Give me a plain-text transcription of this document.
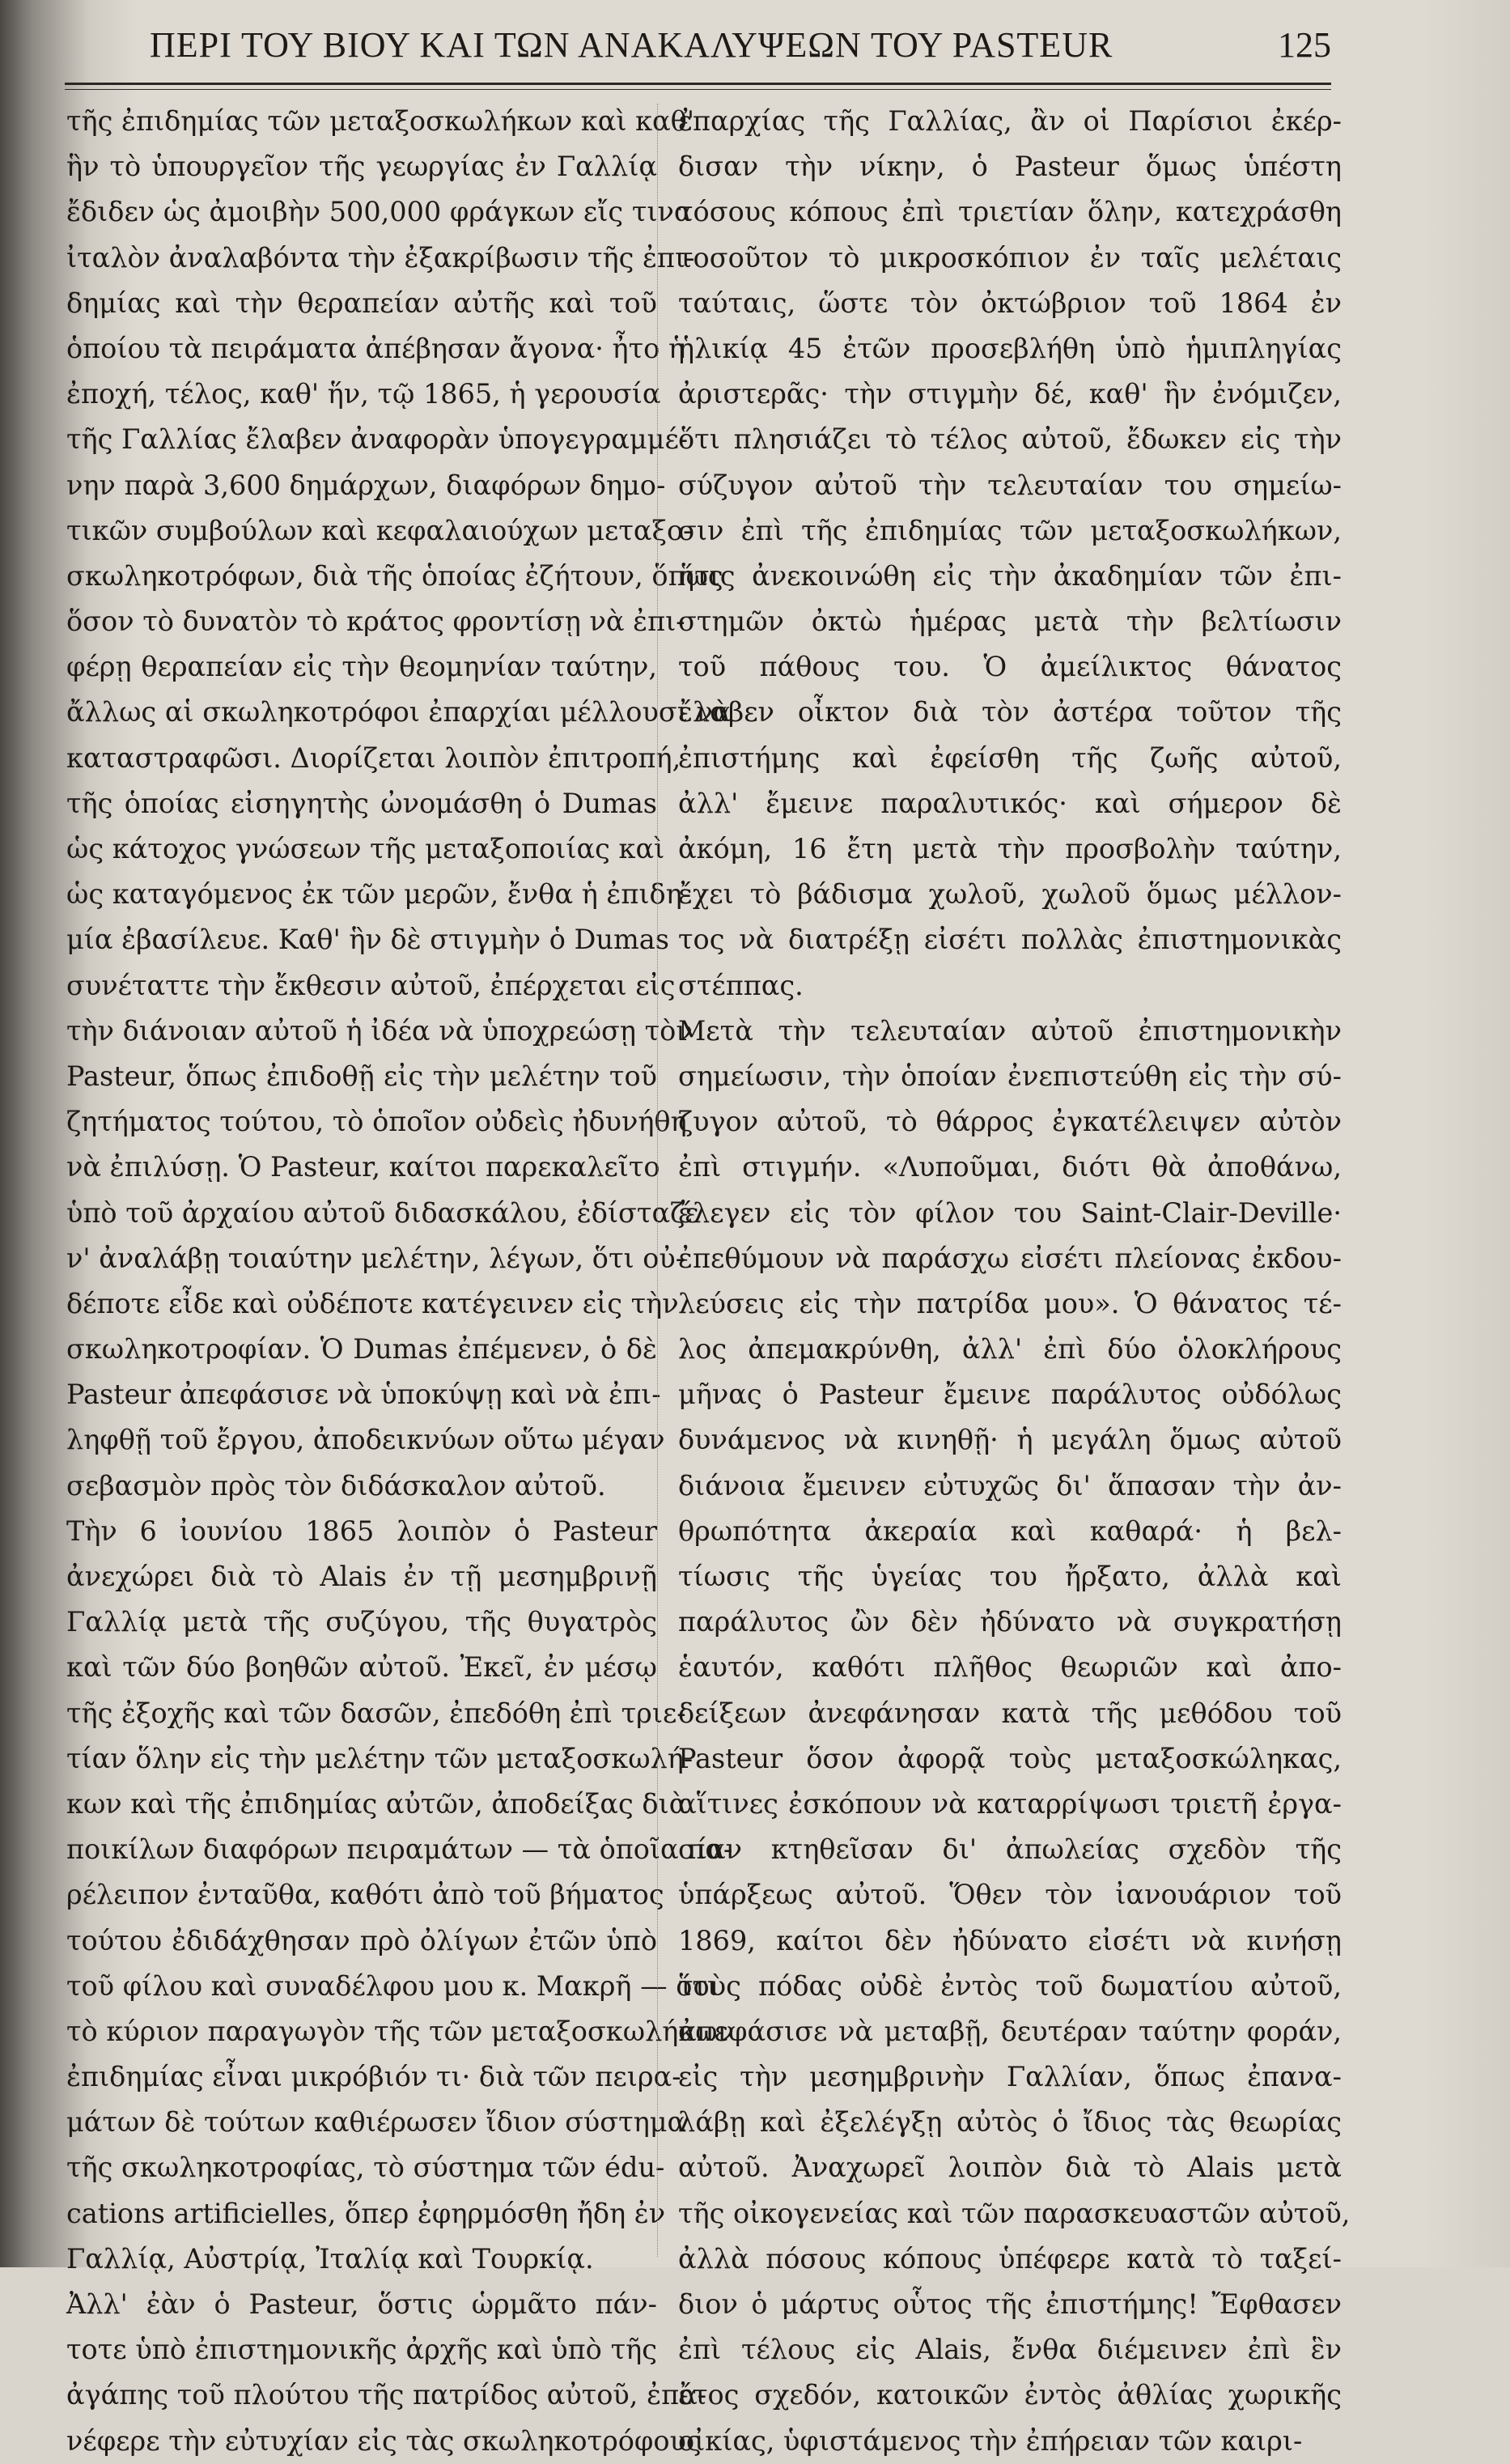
ΠΕΡΙ ΤΟΥ ΒΙΟΥ ΚΑΙ ΤΩΝ ΑΝΑΚΑΛΥΨΕΩΝ ΤΟΥ PASTEUR	125
τῆς ἐπιδημίας τῶν μεταξοσκωλήκων καὶ καθ'
ἣν τὸ ὑπουργεῖον τῆς γεωργίας ἐν Γαλλίᾳ
ἔδιδεν ὡς ἀμοιβὴν 500,000 φράγκων εἴς τινα
ἰταλὸν ἀναλαβόντα τὴν ἐξακρίβωσιν τῆς ἐπι-
δημίας καὶ τὴν θεραπείαν αὐτῆς καὶ τοῦ
ὁποίου τὰ πειράματα ἀπέβησαν ἄγονα· ἦτο ἡ
ἐποχή, τέλος, καθ' ἥν, τῷ 1865, ἡ γερουσία
τῆς Γαλλίας ἔλαβεν ἀναφορὰν ὑπογεγραμμέ-
νην παρὰ 3,600 δημάρχων, διαφόρων δημο-
τικῶν συμβούλων καὶ κεφαλαιούχων μεταξο-
σκωληκοτρόφων, διὰ τῆς ὁποίας ἐζήτουν, ὅπως
ὅσον τὸ δυνατὸν τὸ κράτος φροντίσῃ νὰ ἐπι-
φέρῃ θεραπείαν εἰς τὴν θεομηνίαν ταύτην,
ἄλλως αἱ σκωληκοτρόφοι ἐπαρχίαι μέλλουσι νὰ
καταστραφῶσι. Διορίζεται λοιπὸν ἐπιτροπή,
τῆς ὁποίας εἰσηγητὴς ὠνομάσθη ὁ Dumas
ὡς κάτοχος γνώσεων τῆς μεταξοποιίας καὶ
ὡς καταγόμενος ἐκ τῶν μερῶν, ἔνθα ἡ ἐπιδη-
μία ἐβασίλευε. Καθ' ἣν δὲ στιγμὴν ὁ Dumas
συνέταττε τὴν ἔκθεσιν αὐτοῦ, ἐπέρχεται εἰς
τὴν διάνοιαν αὐτοῦ ἡ ἰδέα νὰ ὑποχρεώσῃ τὸν
Pasteur, ὅπως ἐπιδοθῇ εἰς τὴν μελέτην τοῦ
ζητήματος τούτου, τὸ ὁποῖον οὐδεὶς ἠδυνήθη
νὰ ἐπιλύσῃ. Ὁ Pasteur, καίτοι παρεκαλεῖτο
ὑπὸ τοῦ ἀρχαίου αὐτοῦ διδασκάλου, ἐδίσταζε
ν' ἀναλάβῃ τοιαύτην μελέτην, λέγων, ὅτι οὐ-
δέποτε εἶδε καὶ οὐδέποτε κατέγεινεν εἰς τὴν
σκωληκοτροφίαν. Ὁ Dumas ἐπέμενεν, ὁ δὲ
Pasteur ἀπεφάσισε νὰ ὑποκύψῃ καὶ νὰ ἐπι-
ληφθῇ τοῦ ἔργου, ἀποδεικνύων οὕτω μέγαν
σεβασμὸν πρὸς τὸν διδάσκαλον αὐτοῦ.
Τὴν 6 ἰουνίου 1865 λοιπὸν ὁ Pasteur
ἀνεχώρει διὰ τὸ Alais ἐν τῇ μεσημβρινῇ
Γαλλίᾳ μετὰ τῆς συζύγου, τῆς θυγατρὸς
καὶ τῶν δύο βοηθῶν αὐτοῦ. Ἐκεῖ, ἐν μέσῳ
τῆς ἐξοχῆς καὶ τῶν δασῶν, ἐπεδόθη ἐπὶ τριε-
τίαν ὅλην εἰς τὴν μελέτην τῶν μεταξοσκωλή-
κων καὶ τῆς ἐπιδημίας αὐτῶν, ἀποδείξας διὰ
ποικίλων διαφόρων πειραμάτων — τὰ ὁποῖα πα-
ρέλειπον ἐνταῦθα, καθότι ἀπὸ τοῦ βήματος
τούτου ἐδιδάχθησαν πρὸ ὀλίγων ἐτῶν ὑπὸ
τοῦ φίλου καὶ συναδέλφου μου κ. Μακρῆ — ὅτι
τὸ κύριον παραγωγὸν τῆς τῶν μεταξοσκωλήκων
ἐπιδημίας εἶναι μικρόβιόν τι· διὰ τῶν πειρα-
μάτων δὲ τούτων καθιέρωσεν ἴδιον σύστημα
τῆς σκωληκοτροφίας, τὸ σύστημα τῶν édu-
cations artificielles, ὅπερ ἐφηρμόσθη ἤδη ἐν
Γαλλίᾳ, Αὐστρίᾳ, Ἰταλίᾳ καὶ Τουρκίᾳ.
Ἀλλ' ἐὰν ὁ Pasteur, ὅστις ὡρμᾶτο πάν-
τοτε ὑπὸ ἐπιστημονικῆς ἀρχῆς καὶ ὑπὸ τῆς
ἀγάπης τοῦ πλούτου τῆς πατρίδος αὐτοῦ, ἐπα-
νέφερε τὴν εὐτυχίαν εἰς τὰς σκωληκοτρόφους
ἐπαρχίας τῆς Γαλλίας, ἂν οἱ Παρίσιοι ἐκέρ-
δισαν τὴν νίκην, ὁ Pasteur ὅμως ὑπέστη
τόσους κόπους ἐπὶ τριετίαν ὅλην, κατεχράσθη
τοσοῦτον τὸ μικροσκόπιον ἐν ταῖς μελέταις
ταύταις, ὥστε τὸν ὀκτώβριον τοῦ 1864 ἐν
ἡλικίᾳ 45 ἐτῶν προσεβλήθη ὑπὸ ἡμιπληγίας
ἀριστερᾶς· τὴν στιγμὴν δέ, καθ' ἣν ἐνόμιζεν,
ὅτι πλησιάζει τὸ τέλος αὐτοῦ, ἔδωκεν εἰς τὴν
σύζυγον αὐτοῦ τὴν τελευταίαν του σημείω-
σιν ἐπὶ τῆς ἐπιδημίας τῶν μεταξοσκωλήκων,
ἥτις ἀνεκοινώθη εἰς τὴν ἀκαδημίαν τῶν ἐπι-
στημῶν ὀκτὼ ἡμέρας μετὰ τὴν βελτίωσιν
τοῦ πάθους του. Ὁ ἀμείλικτος θάνατος
ἔλαβεν οἶκτον διὰ τὸν ἀστέρα τοῦτον τῆς
ἐπιστήμης καὶ ἐφείσθη τῆς ζωῆς αὐτοῦ,
ἀλλ' ἔμεινε παραλυτικός· καὶ σήμερον δὲ
ἀκόμη, 16 ἔτη μετὰ τὴν προσβολὴν ταύτην,
ἔχει τὸ βάδισμα χωλοῦ, χωλοῦ ὅμως μέλλον-
τος νὰ διατρέξῃ εἰσέτι πολλὰς ἐπιστημονικὰς
στέππας.
Μετὰ τὴν τελευταίαν αὐτοῦ ἐπιστημονικὴν
σημείωσιν, τὴν ὁποίαν ἐνεπιστεύθη εἰς τὴν σύ-
ζυγον αὐτοῦ, τὸ θάρρος ἐγκατέλειψεν αὐτὸν
ἐπὶ στιγμήν. «Λυποῦμαι, διότι θὰ ἀποθάνω,
ἔλεγεν εἰς τὸν φίλον του Saint-Clair-Deville·
ἐπεθύμουν νὰ παράσχω εἰσέτι πλείονας ἐκδου-
λεύσεις εἰς τὴν πατρίδα μου». Ὁ θάνατος τέ-
λος ἀπεμακρύνθη, ἀλλ' ἐπὶ δύο ὁλοκλήρους
μῆνας ὁ Pasteur ἔμεινε παράλυτος οὐδόλως
δυνάμενος νὰ κινηθῇ· ἡ μεγάλη ὅμως αὐτοῦ
διάνοια ἔμεινεν εὐτυχῶς δι' ἅπασαν τὴν ἀν-
θρωπότητα ἀκεραία καὶ καθαρά· ἡ βελ-
τίωσις τῆς ὑγείας του ἤρξατο, ἀλλὰ καὶ
παράλυτος ὢν δὲν ἠδύνατο νὰ συγκρατήσῃ
ἑαυτόν, καθότι πλῆθος θεωριῶν καὶ ἀπο-
δείξεων ἀνεφάνησαν κατὰ τῆς μεθόδου τοῦ
Pasteur ὅσον ἀφορᾷ τοὺς μεταξοσκώληκας,
αἵτινες ἐσκόπουν νὰ καταρρίψωσι τριετῆ ἐργα-
σίαν κτηθεῖσαν δι' ἀπωλείας σχεδὸν τῆς
ὑπάρξεως αὐτοῦ. Ὅθεν τὸν ἰανουάριον τοῦ
1869, καίτοι δὲν ἠδύνατο εἰσέτι νὰ κινήσῃ
τοὺς πόδας οὐδὲ ἐντὸς τοῦ δωματίου αὐτοῦ,
ἀπεφάσισε νὰ μεταβῇ, δευτέραν ταύτην φοράν,
εἰς τὴν μεσημβρινὴν Γαλλίαν, ὅπως ἐπανα-
λάβῃ καὶ ἐξελέγξῃ αὐτὸς ὁ ἴδιος τὰς θεωρίας
αὐτοῦ. Ἀναχωρεῖ λοιπὸν διὰ τὸ Alais μετὰ
τῆς οἰκογενείας καὶ τῶν παρασκευαστῶν αὐτοῦ,
ἀλλὰ πόσους κόπους ὑπέφερε κατὰ τὸ ταξεί-
διον ὁ μάρτυς οὗτος τῆς ἐπιστήμης! Ἔφθασεν
ἐπὶ τέλους εἰς Alais, ἔνθα διέμεινεν ἐπὶ ἓν
ἔτος σχεδόν, κατοικῶν ἐντὸς ἀθλίας χωρικῆς
οἰκίας, ὑφιστάμενος τὴν ἐπήρειαν τῶν καιρι-
